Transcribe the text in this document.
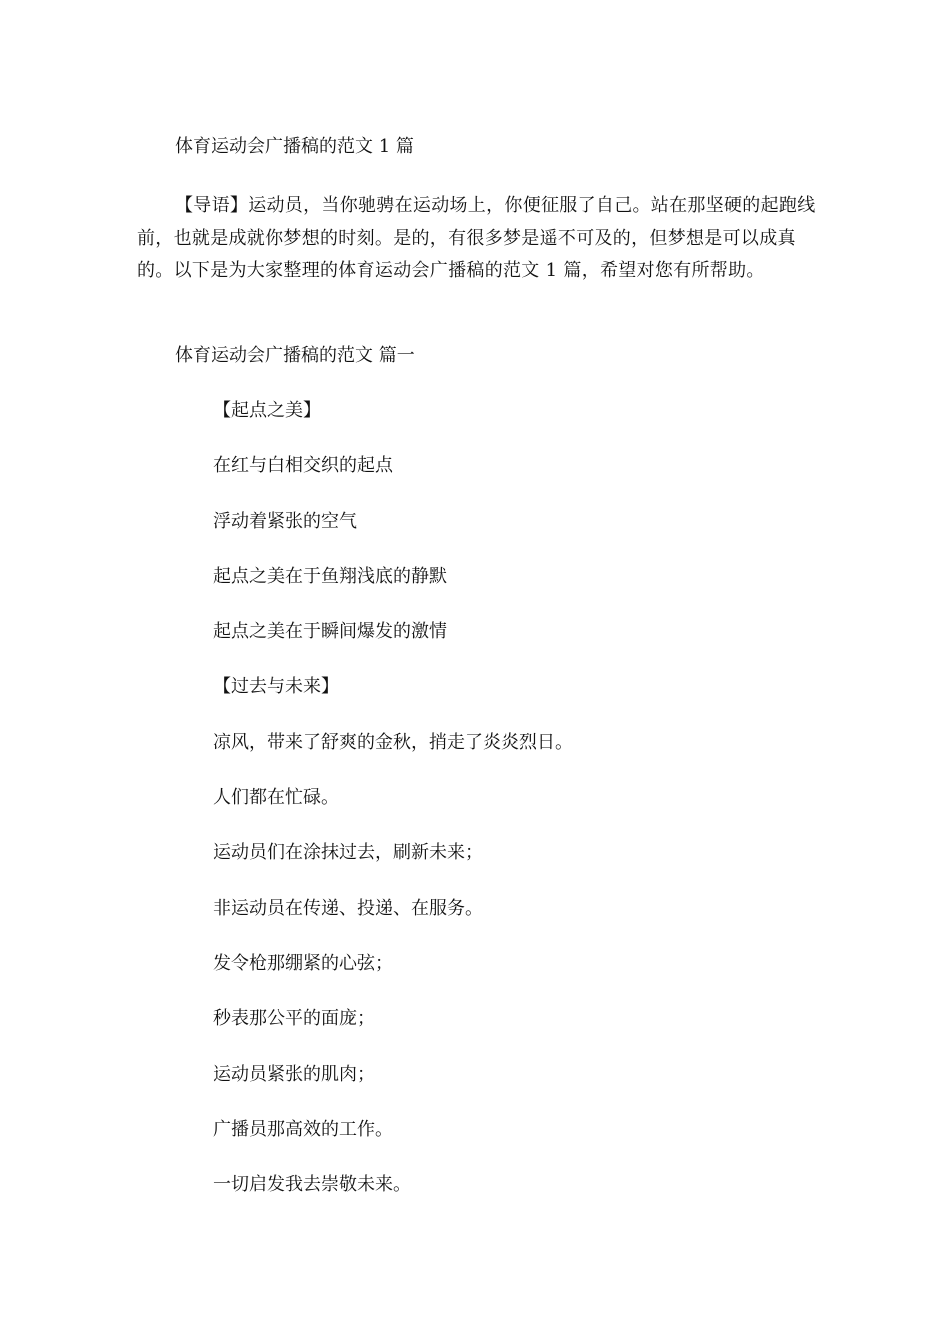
体育运动会广播稿的范文 1 篇

【导语】运动员，当你驰骋在运动场上，你便征服了自己。站在那坚硬的起跑线前，也就是成就你梦想的时刻。是的，有很多梦是遥不可及的，但梦想是可以成真的。以下是为大家整理的体育运动会广播稿的范文 1 篇，希望对您有所帮助。

体育运动会广播稿的范文 篇一

【起点之美】
在红与白相交织的起点
浮动着紧张的空气
起点之美在于鱼翔浅底的静默
起点之美在于瞬间爆发的激情
【过去与未来】
凉风，带来了舒爽的金秋，捎走了炎炎烈日。
人们都在忙碌。
运动员们在涂抹过去，刷新未来；
非运动员在传递、投递、在服务。
发令枪那绷紧的心弦；
秒表那公平的面庞；
运动员紧张的肌肉；
广播员那高效的工作。
一切启发我去崇敬未来。
